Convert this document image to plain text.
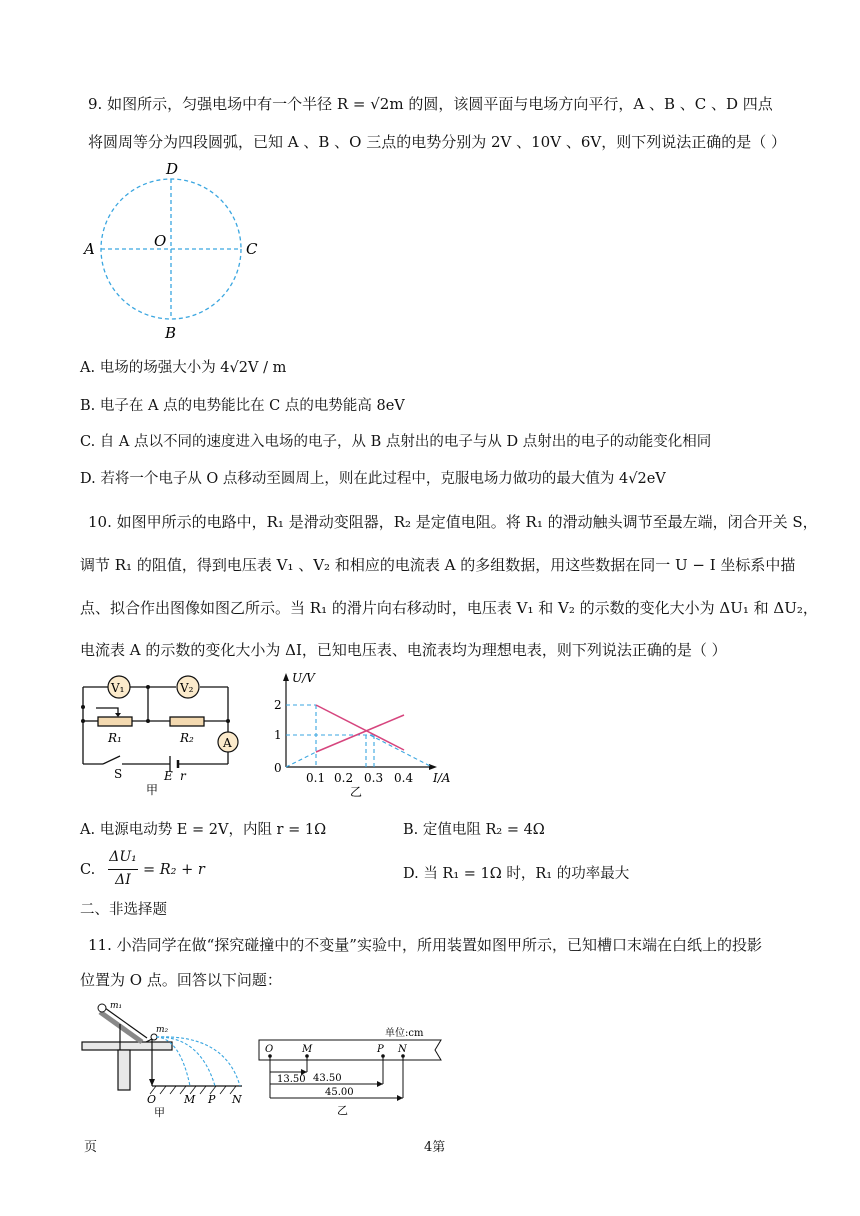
9. 如图所示，匀强电场中有一个半径 R = √2m 的圆，该圆平面与电场方向平行，A 、B 、C 、D 四点
将圆周等分为四段圆弧，已知 A 、B 、O 三点的电势分别为 2V 、10V 、6V，则下列说法正确的是（ ）
D
A	O	C
B
A. 电场的场强大小为 4√2V / m
B. 电子在 A 点的电势能比在 C 点的电势能高 8eV
C. 自 A 点以不同的速度进入电场的电子，从 B 点射出的电子与从 D 点射出的电子的动能变化相同
D. 若将一个电子从 O 点移动至圆周上，则在此过程中，克服电场力做功的最大值为 4√2eV
10. 如图甲所示的电路中，R₁ 是滑动变阻器，R₂ 是定值电阻。将 R₁ 的滑动触头调节至最左端，闭合开关 S，
调节 R₁ 的阻值，得到电压表 V₁ 、V₂ 和相应的电流表 A 的多组数据，用这些数据在同一 U − I 坐标系中描
点、拟合作出图像如图乙所示。当 R₁ 的滑片向右移动时，电压表 V₁ 和 V₂ 的示数的变化大小为 ΔU₁ 和 ΔU₂，
电流表 A 的示数的变化大小为 ΔI，已知电压表、电流表均为理想电表，则下列说法正确的是（ ）
V₁	V₂
A
R₁	R₂
S	E r
甲
U/V
I/A
0
1
2
0.1 0.2 0.3 0.4
乙
A. 电源电动势 E = 2V，内阻 r = 1Ω	B. 定值电阻 R₂ = 4Ω
C.
ΔU₁
ΔI
= R₂ + r	D. 当 R₁ = 1Ω 时，R₁ 的功率最大
二、非选择题
11. 小浩同学在做“探究碰撞中的不变量”实验中，所用装置如图甲所示，已知槽口末端在白纸上的投影
位置为 O 点。回答以下问题：
m₁
m₂
O	M P N
甲
单位:cm
O	M	P N
13.50 43.50
45.00
乙
页	4第
